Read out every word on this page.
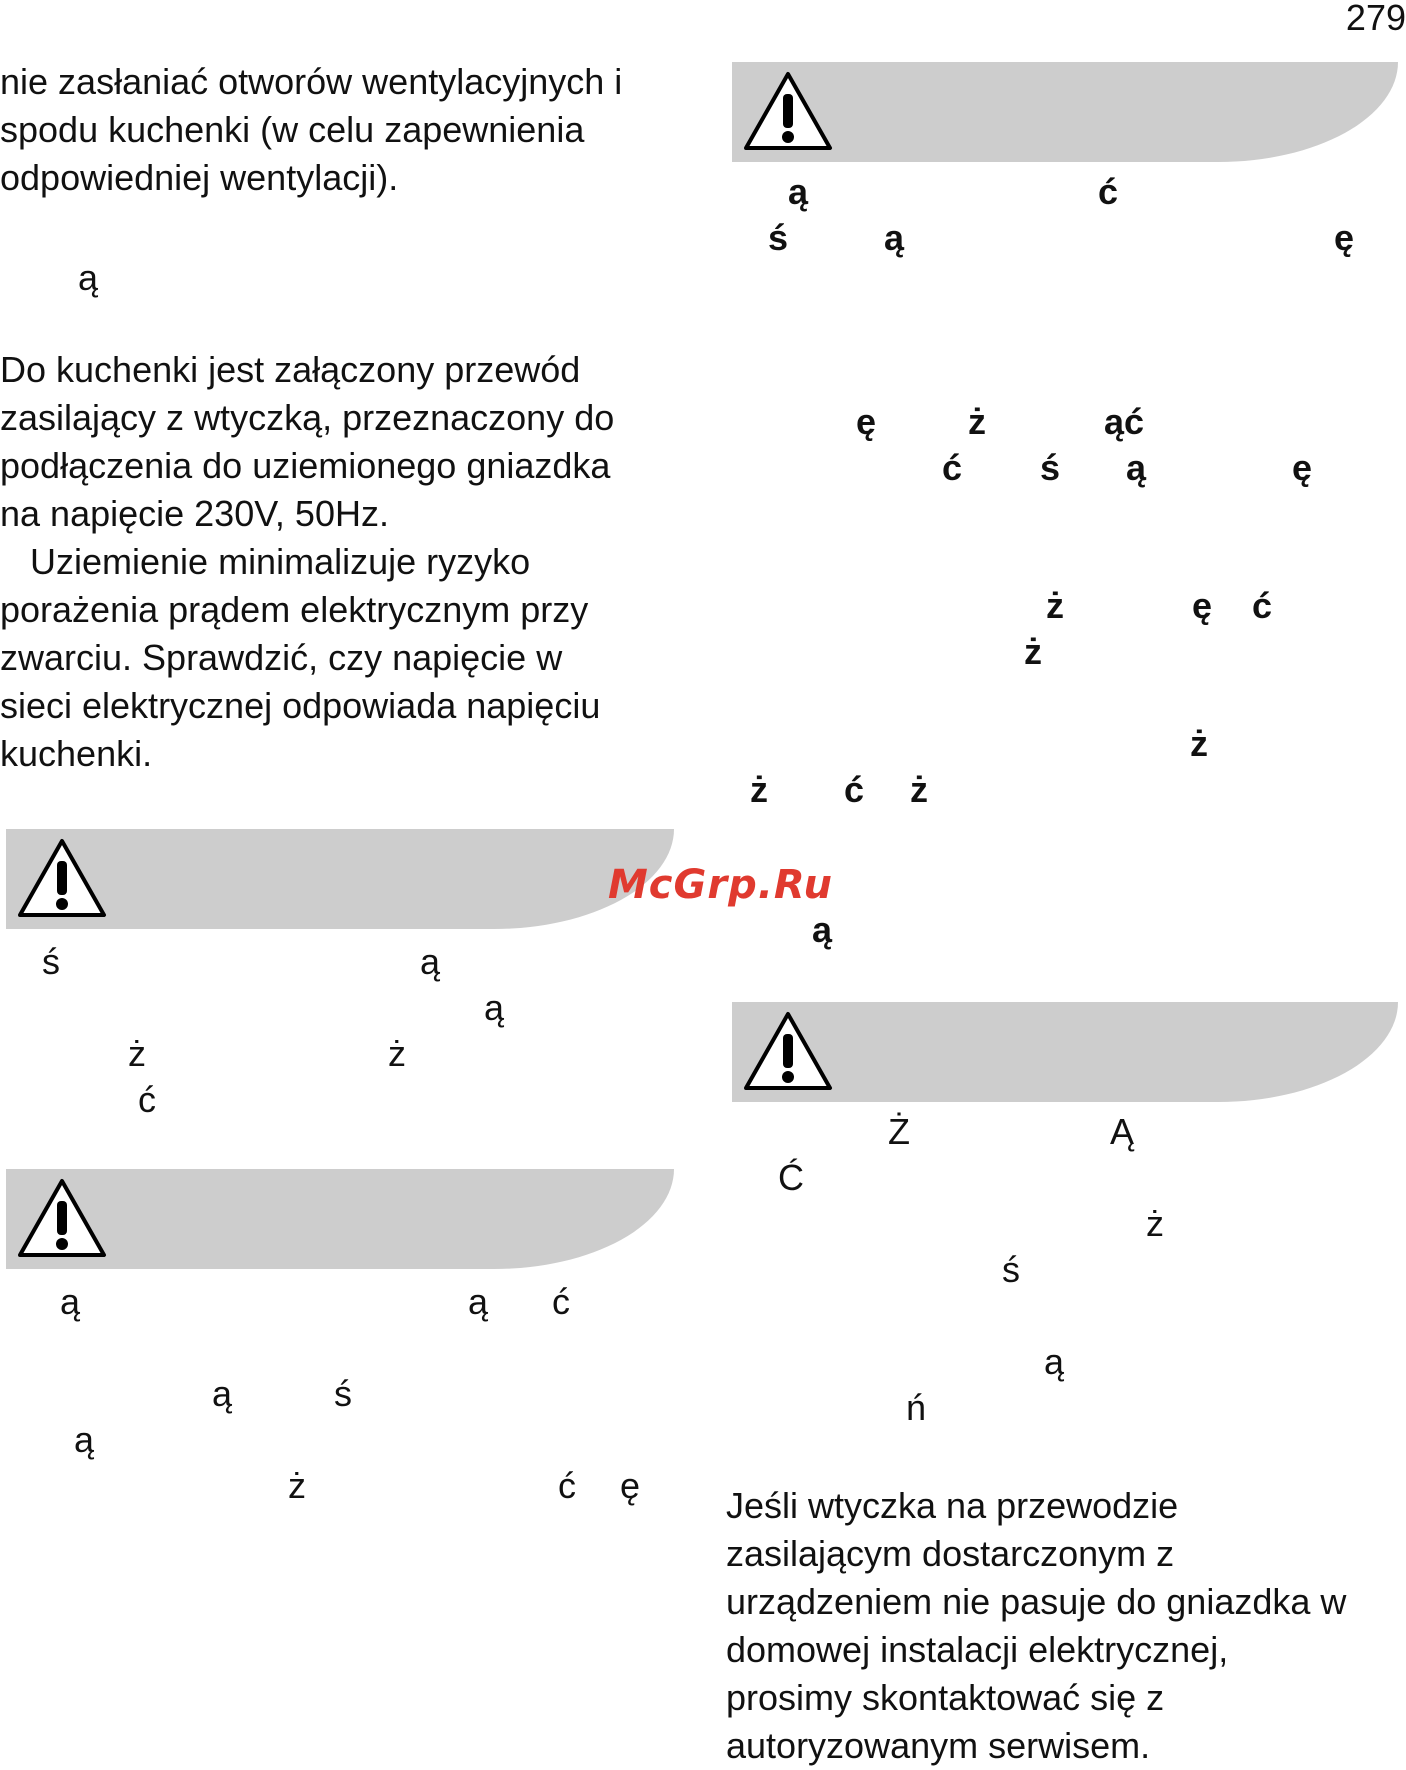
279
nie zasłaniać otworów wentylacyjnych i
spodu kuchenki (w celu zapewnienia
odpowiedniej wentylacji).
ą
Do kuchenki jest załączony przewód
zasilający z wtyczką, przeznaczony do
podłączenia do uziemionego gniazdka
na napięcie 230V, 50Hz.
Uziemienie minimalizuje ryzyko
porażenia prądem elektrycznym przy
zwarciu. Sprawdzić, czy napięcie w
sieci elektrycznej odpowiada napięciu
kuchenki.
ś	ą
ą
ż	ż
ć
ą	ą ć
ą	ś
ą
ż	ć ę
ą	ć
ś	ą	ę
ę	ż	ąć
ć ś ą	ę
ż	ę ć
ż
ż
ż ć ż
McGrp.Ru
ą
Ż	Ą
Ć
ż
ś
ą
ń
Jeśli wtyczka na przewodzie
zasilającym dostarczonym z
urządzeniem nie pasuje do gniazdka w
domowej instalacji elektrycznej,
prosimy skontaktować się z
autoryzowanym serwisem.
